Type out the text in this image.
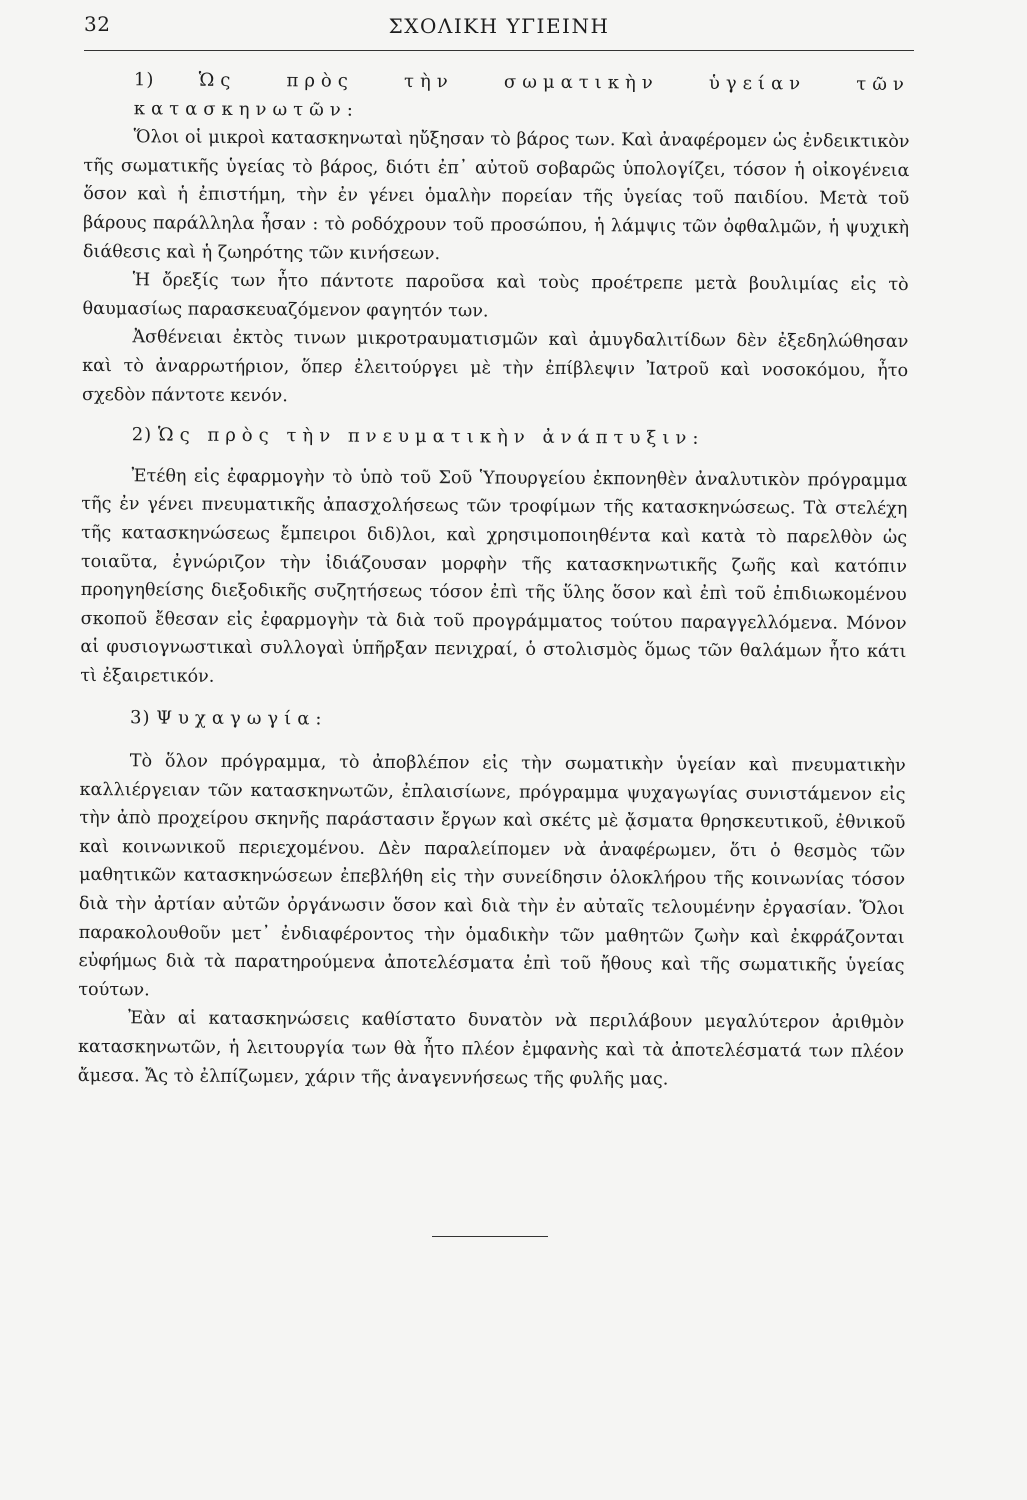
32	ΣΧΟΛΙΚΗ ΥΓΙΕΙΝΗ
1) Ὡς πρὸς τὴν σωματικὴν ὑγείαν τῶν κατασκηνωτῶν:

Ὅλοι οἱ μικροὶ κατασκηνωταὶ ηὔξησαν τὸ βάρος των. Καὶ ἀναφέρομεν ὡς ἐνδεικτικὸν τῆς σωματικῆς ὑγείας τὸ βάρος, διότι ἐπ᾽ αὐτοῦ σοβαρῶς ὑπολογίζει, τόσον ἡ οἰκογένεια ὅσον καὶ ἡ ἐπιστήμη, τὴν ἐν γένει ὁμαλὴν πορείαν τῆς ὑγείας τοῦ παιδίου. Μετὰ τοῦ βάρους παράλληλα ἦσαν : τὸ ροδόχρουν τοῦ προσώπου, ἡ λάμψις τῶν ὀφθαλμῶν, ἡ ψυχικὴ διάθεσις καὶ ἡ ζωηρότης τῶν κινήσεων.

Ἡ ὄρεξίς των ἦτο πάντοτε παροῦσα καὶ τοὺς προέτρεπε μετὰ βουλιμίας εἰς τὸ θαυμασίως παρασκευαζόμενον φαγητόν των.

Ἀσθένειαι ἐκτὸς τινων μικροτραυματισμῶν καὶ ἀμυγδαλιτίδων δὲν ἐξεδηλώθησαν καὶ τὸ ἀναρρωτήριον, ὅπερ ἐλειτούργει μὲ τὴν ἐπίβλεψιν Ἰατροῦ καὶ νοσοκόμου, ἦτο σχεδὸν πάντοτε κενόν.

2) Ὡς πρὸς τὴν πνευματικὴν ἀνάπτυξιν:

Ἐτέθη εἰς ἐφαρμογὴν τὸ ὑπὸ τοῦ Σοῦ Ὑπουργείου ἐκπονηθὲν ἀναλυτικὸν πρόγραμμα τῆς ἐν γένει πνευματικῆς ἀπασχολήσεως τῶν τροφίμων τῆς κατασκηνώσεως. Τὰ στελέχη τῆς κατασκηνώσεως ἔμπειροι διδ)λοι, καὶ χρησιμοποιηθέντα καὶ κατὰ τὸ παρελθὸν ὡς τοιαῦτα, ἐγνώριζον τὴν ἰδιάζουσαν μορφὴν τῆς κατασκηνωτικῆς ζωῆς καὶ κατόπιν προηγηθείσης διεξοδικῆς συζητήσεως τόσον ἐπὶ τῆς ὕλης ὅσον καὶ ἐπὶ τοῦ ἐπιδιωκομένου σκοποῦ ἔθεσαν εἰς ἐφαρμογὴν τὰ διὰ τοῦ προγράμματος τούτου παραγγελλόμενα. Μόνον αἱ φυσιογνωστικαὶ συλλογαὶ ὑπῆρξαν πενιχραί, ὁ στολισμὸς ὅμως τῶν θαλάμων ἦτο κάτι τὶ ἐξαιρετικόν.

3) Ψυχαγωγία:

Τὸ ὅλον πρόγραμμα, τὸ ἀποβλέπον εἰς τὴν σωματικὴν ὑγείαν καὶ πνευματικὴν καλλιέργειαν τῶν κατασκηνωτῶν, ἐπλαισίωνε, πρόγραμμα ψυχαγωγίας συνιστάμενον εἰς τὴν ἀπὸ προχείρου σκηνῆς παράστασιν ἔργων καὶ σκέτς μὲ ᾄσματα θρησκευτικοῦ, ἐθνικοῦ καὶ κοινωνικοῦ περιεχομένου. Δὲν παραλείπομεν νὰ ἀναφέρωμεν, ὅτι ὁ θεσμὸς τῶν μαθητικῶν κατασκηνώσεων ἐπεβλήθη εἰς τὴν συνείδησιν ὁλοκλήρου τῆς κοινωνίας τόσον διὰ τὴν ἀρτίαν αὐτῶν ὀργάνωσιν ὅσον καὶ διὰ τὴν ἐν αὐταῖς τελουμένην ἐργασίαν. Ὅλοι παρακολουθοῦν μετ᾽ ἐνδιαφέροντος τὴν ὁμαδικὴν τῶν μαθητῶν ζωὴν καὶ ἐκφράζονται εὐφήμως διὰ τὰ παρατηρούμενα ἀποτελέσματα ἐπὶ τοῦ ἤθους καὶ τῆς σωματικῆς ὑγείας τούτων.

Ἐὰν αἱ κατασκηνώσεις καθίστατο δυνατὸν νὰ περιλάβουν μεγαλύτερον ἀριθμὸν κατασκηνωτῶν, ἡ λειτουργία των θὰ ἦτο πλέον ἐμφανὴς καὶ τὰ ἀποτελέσματά των πλέον ἄμεσα. Ἄς τὸ ἐλπίζωμεν, χάριν τῆς ἀναγεννήσεως τῆς φυλῆς μας.
